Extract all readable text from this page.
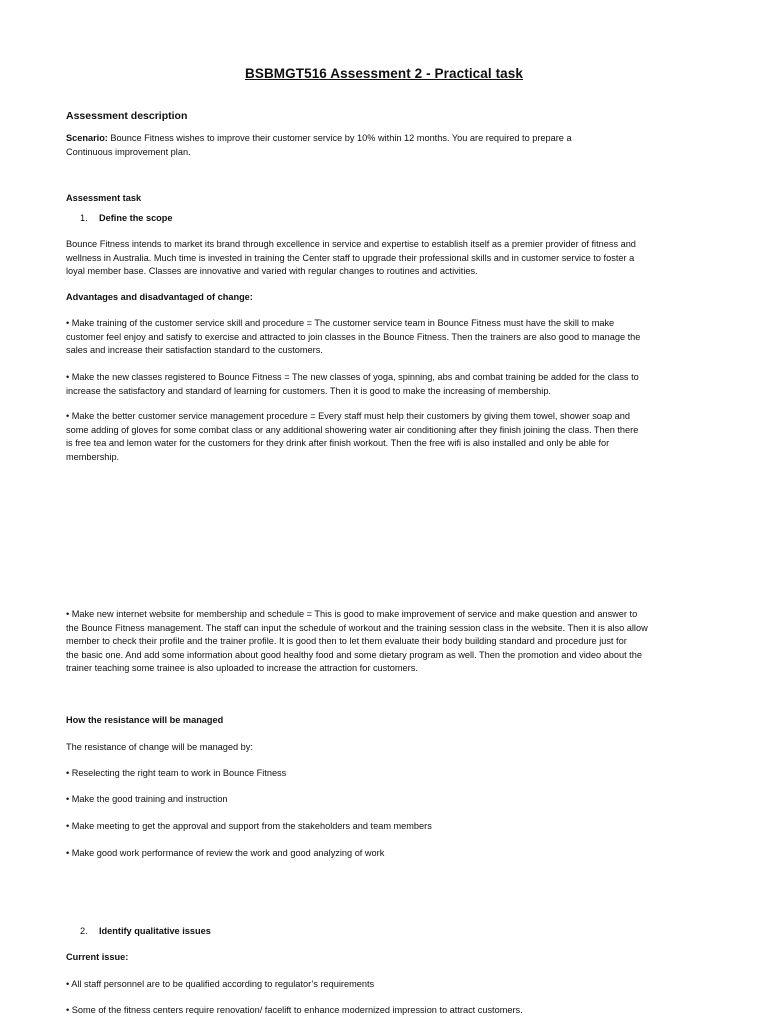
BSBMGT516 Assessment 2 - Practical task
Assessment description
Scenario: Bounce Fitness wishes to improve their customer service by 10% within 12 months. You are required to prepare a
Continuous improvement plan.
Assessment task
1. Define the scope
Bounce Fitness intends to market its brand through excellence in service and expertise to establish itself as a premier provider of fitness and
wellness in Australia. Much time is invested in training the Center staff to upgrade their professional skills and in customer service to foster a
loyal member base. Classes are innovative and varied with regular changes to routines and activities.
Advantages and disadvantaged of change:
• Make training of the customer service skill and procedure = The customer service team in Bounce Fitness must have the skill to make
customer feel enjoy and satisfy to exercise and attracted to join classes in the Bounce Fitness. Then the trainers are also good to manage the
sales and increase their satisfaction standard to the customers.
• Make the new classes registered to Bounce Fitness = The new classes of yoga, spinning, abs and combat training be added for the class to
increase the satisfactory and standard of learning for customers. Then it is good to make the increasing of membership.
• Make the better customer service management procedure = Every staff must help their customers by giving them towel, shower soap and
some adding of gloves for some combat class or any additional showering water air conditioning after they finish joining the class. Then there
is free tea and lemon water for the customers for they drink after finish workout. Then the free wifi is also installed and only be able for
membership.
• Make new internet website for membership and schedule = This is good to make improvement of service and make question and answer to
the Bounce Fitness management. The staff can input the schedule of workout and the training session class in the website. Then it is also allow
member to check their profile and the trainer profile. It is good then to let them evaluate their body building standard and procedure just for
the basic one. And add some information about good healthy food and some dietary program as well. Then the promotion and video about the
trainer teaching some trainee is also uploaded to increase the attraction for customers.
How the resistance will be managed
The resistance of change will be managed by:
• Reselecting the right team to work in Bounce Fitness
• Make the good training and instruction
• Make meeting to get the approval and support from the stakeholders and team members
• Make good work performance of review the work and good analyzing of work
2. Identify qualitative issues
Current issue:
• All staff personnel are to be qualified according to regulator’s requirements
• Some of the fitness centers require renovation/ facelift to enhance modernized impression to attract customers.
